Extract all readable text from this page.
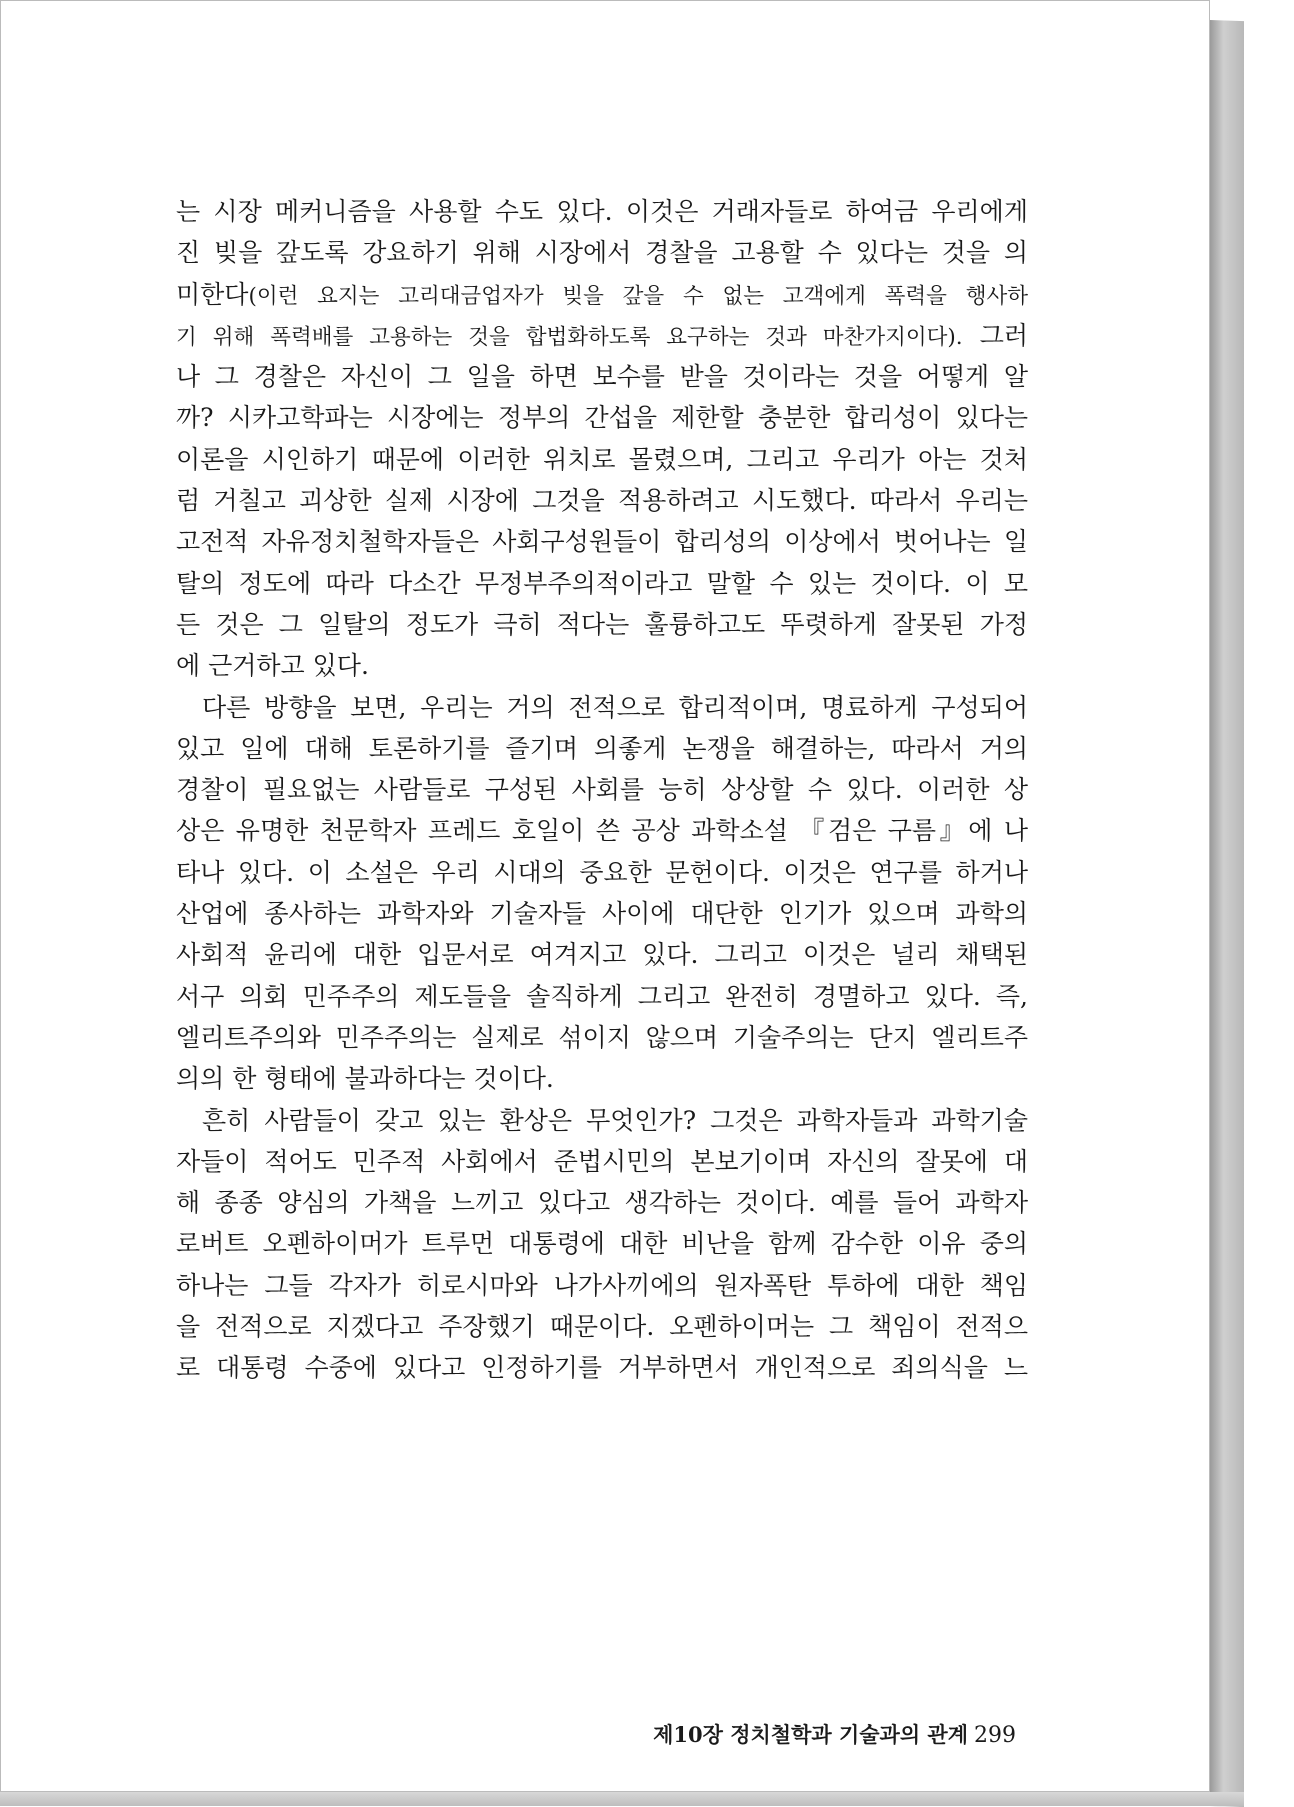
는 시장 메커니즘을 사용할 수도 있다. 이것은 거래자들로 하여금 우리에게
진 빚을 갚도록 강요하기 위해 시장에서 경찰을 고용할 수 있다는 것을 의
미한다(이런 요지는 고리대금업자가 빚을 갚을 수 없는 고객에게 폭력을 행사하
기 위해 폭력배를 고용하는 것을 합법화하도록 요구하는 것과 마찬가지이다). 그러
나 그 경찰은 자신이 그 일을 하면 보수를 받을 것이라는 것을 어떻게 알
까? 시카고학파는 시장에는 정부의 간섭을 제한할 충분한 합리성이 있다는
이론을 시인하기 때문에 이러한 위치로 몰렸으며, 그리고 우리가 아는 것처
럼 거칠고 괴상한 실제 시장에 그것을 적용하려고 시도했다. 따라서 우리는
고전적 자유정치철학자들은 사회구성원들이 합리성의 이상에서 벗어나는 일
탈의 정도에 따라 다소간 무정부주의적이라고 말할 수 있는 것이다. 이 모
든 것은 그 일탈의 정도가 극히 적다는 훌륭하고도 뚜렷하게 잘못된 가정
에 근거하고 있다.
다른 방향을 보면, 우리는 거의 전적으로 합리적이며, 명료하게 구성되어
있고 일에 대해 토론하기를 즐기며 의좋게 논쟁을 해결하는, 따라서 거의
경찰이 필요없는 사람들로 구성된 사회를 능히 상상할 수 있다. 이러한 상
상은 유명한 천문학자 프레드 호일이 쓴 공상 과학소설 『검은 구름』에 나
타나 있다. 이 소설은 우리 시대의 중요한 문헌이다. 이것은 연구를 하거나
산업에 종사하는 과학자와 기술자들 사이에 대단한 인기가 있으며 과학의
사회적 윤리에 대한 입문서로 여겨지고 있다. 그리고 이것은 널리 채택된
서구 의회 민주주의 제도들을 솔직하게 그리고 완전히 경멸하고 있다. 즉,
엘리트주의와 민주주의는 실제로 섞이지 않으며 기술주의는 단지 엘리트주
의의 한 형태에 불과하다는 것이다.
흔히 사람들이 갖고 있는 환상은 무엇인가? 그것은 과학자들과 과학기술
자들이 적어도 민주적 사회에서 준법시민의 본보기이며 자신의 잘못에 대
해 종종 양심의 가책을 느끼고 있다고 생각하는 것이다. 예를 들어 과학자
로버트 오펜하이머가 트루먼 대통령에 대한 비난을 함께 감수한 이유 중의
하나는 그들 각자가 히로시마와 나가사끼에의 원자폭탄 투하에 대한 책임
을 전적으로 지겠다고 주장했기 때문이다. 오펜하이머는 그 책임이 전적으
로 대통령 수중에 있다고 인정하기를 거부하면서 개인적으로 죄의식을 느
제10장 정치철학과 기술과의 관계 299
